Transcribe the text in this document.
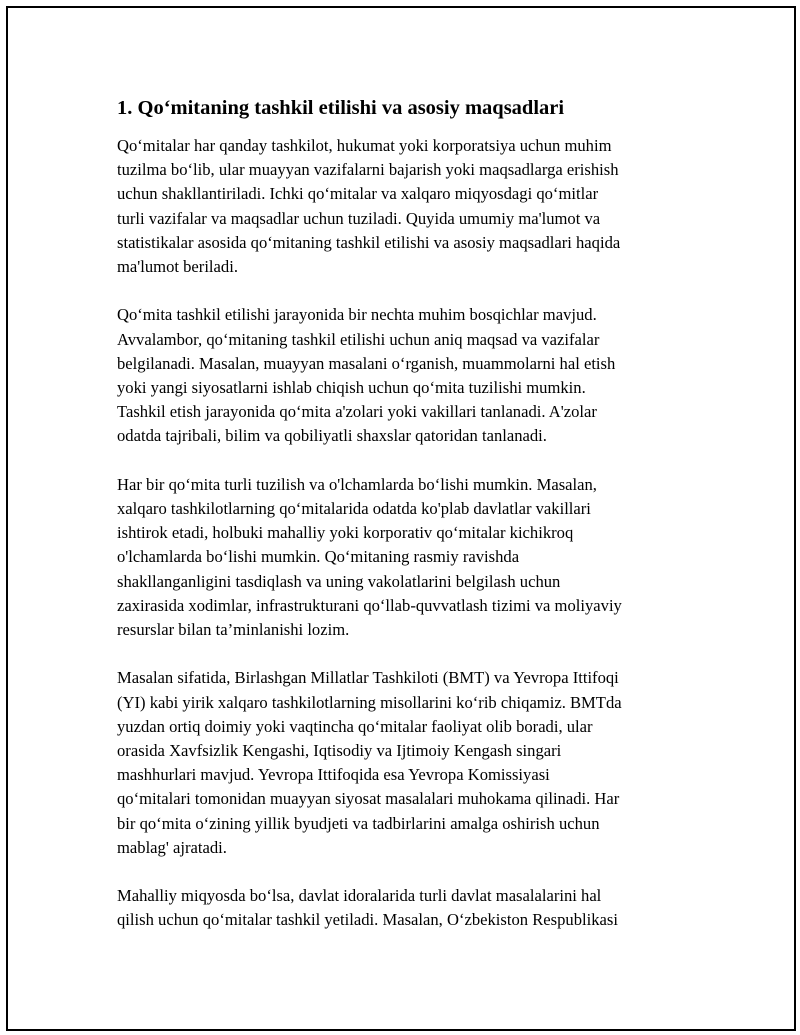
1. Qo‘mitaning tashkil etilishi va asosiy maqsadlari
Qo‘mitalar har qanday tashkilot, hukumat yoki korporatsiya uchun muhim
tuzilma bo‘lib, ular muayyan vazifalarni bajarish yoki maqsadlarga erishish
uchun shakllantiriladi. Ichki qo‘mitalar va xalqaro miqyosdagi qo‘mitlar
turli vazifalar va maqsadlar uchun tuziladi. Quyida umumiy ma'lumot va
statistikalar asosida qo‘mitaning tashkil etilishi va asosiy maqsadlari haqida
ma'lumot beriladi.
Qo‘mita tashkil etilishi jarayonida bir nechta muhim bosqichlar mavjud.
Avvalambor, qo‘mitaning tashkil etilishi uchun aniq maqsad va vazifalar
belgilanadi. Masalan, muayyan masalani o‘rganish, muammolarni hal etish
yoki yangi siyosatlarni ishlab chiqish uchun qo‘mita tuzilishi mumkin.
Tashkil etish jarayonida qo‘mita a'zolari yoki vakillari tanlanadi. A'zolar
odatda tajribali, bilim va qobiliyatli shaxslar qatoridan tanlanadi.
Har bir qo‘mita turli tuzilish va o'lchamlarda bo‘lishi mumkin. Masalan,
xalqaro tashkilotlarning qo‘mitalarida odatda ko'plab davlatlar vakillari
ishtirok etadi, holbuki mahalliy yoki korporativ qo‘mitalar kichikroq
o'lchamlarda bo‘lishi mumkin. Qo‘mitaning rasmiy ravishda
shakllanganligini tasdiqlash va uning vakolatlarini belgilash uchun
zaxirasida xodimlar, infrastrukturani qo‘llab-quvvatlash tizimi va moliyaviy
resurslar bilan ta’minlanishi lozim.
Masalan sifatida, Birlashgan Millatlar Tashkiloti (BMT) va Yevropa Ittifoqi
(YI) kabi yirik xalqaro tashkilotlarning misollarini ko‘rib chiqamiz. BMTda
yuzdan ortiq doimiy yoki vaqtincha qo‘mitalar faoliyat olib boradi, ular
orasida Xavfsizlik Kengashi, Iqtisodiy va Ijtimoiy Kengash singari
mashhurlari mavjud. Yevropa Ittifoqida esa Yevropa Komissiyasi
qo‘mitalari tomonidan muayyan siyosat masalalari muhokama qilinadi. Har
bir qo‘mita o‘zining yillik byudjeti va tadbirlarini amalga oshirish uchun
mablag' ajratadi.
Mahalliy miqyosda bo‘lsa, davlat idoralarida turli davlat masalalarini hal
qilish uchun qo‘mitalar tashkil yetiladi. Masalan, O‘zbekiston Respublikasi
